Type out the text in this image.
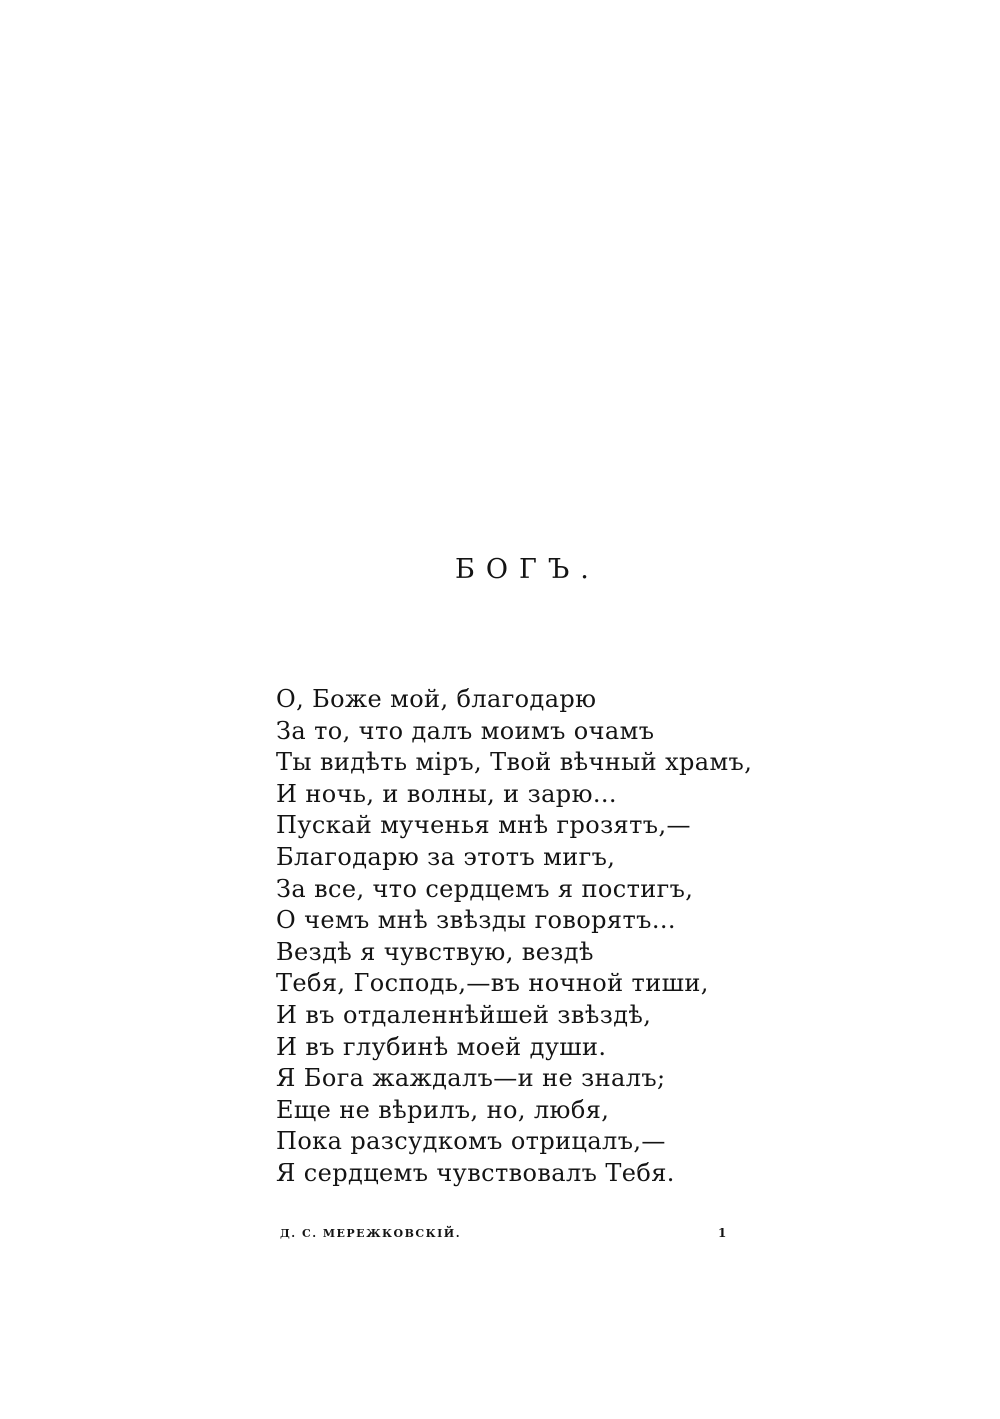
БОГЪ.
О, Боже мой, благодарю
За то, что далъ моимъ очамъ
Ты видѣть міръ, Твой вѣчный храмъ,
И ночь, и волны, и зарю...
Пускай мученья мнѣ грозятъ,—
Благодарю за этотъ мигъ,
За все, что сердцемъ я постигъ,
О чемъ мнѣ звѣзды говорятъ...
Вездѣ я чувствую, вездѣ
Тебя, Господь,—въ ночной тиши,
И въ отдаленнѣйшей звѣздѣ,
И въ глубинѣ моей души.
Я Бога жаждалъ—и не зналъ;
Еще не вѣрилъ, но, любя,
Пока разсудкомъ отрицалъ,—
Я сердцемъ чувствовалъ Тебя.
Д. С. МЕРЕЖКОВСКІЙ.	1
